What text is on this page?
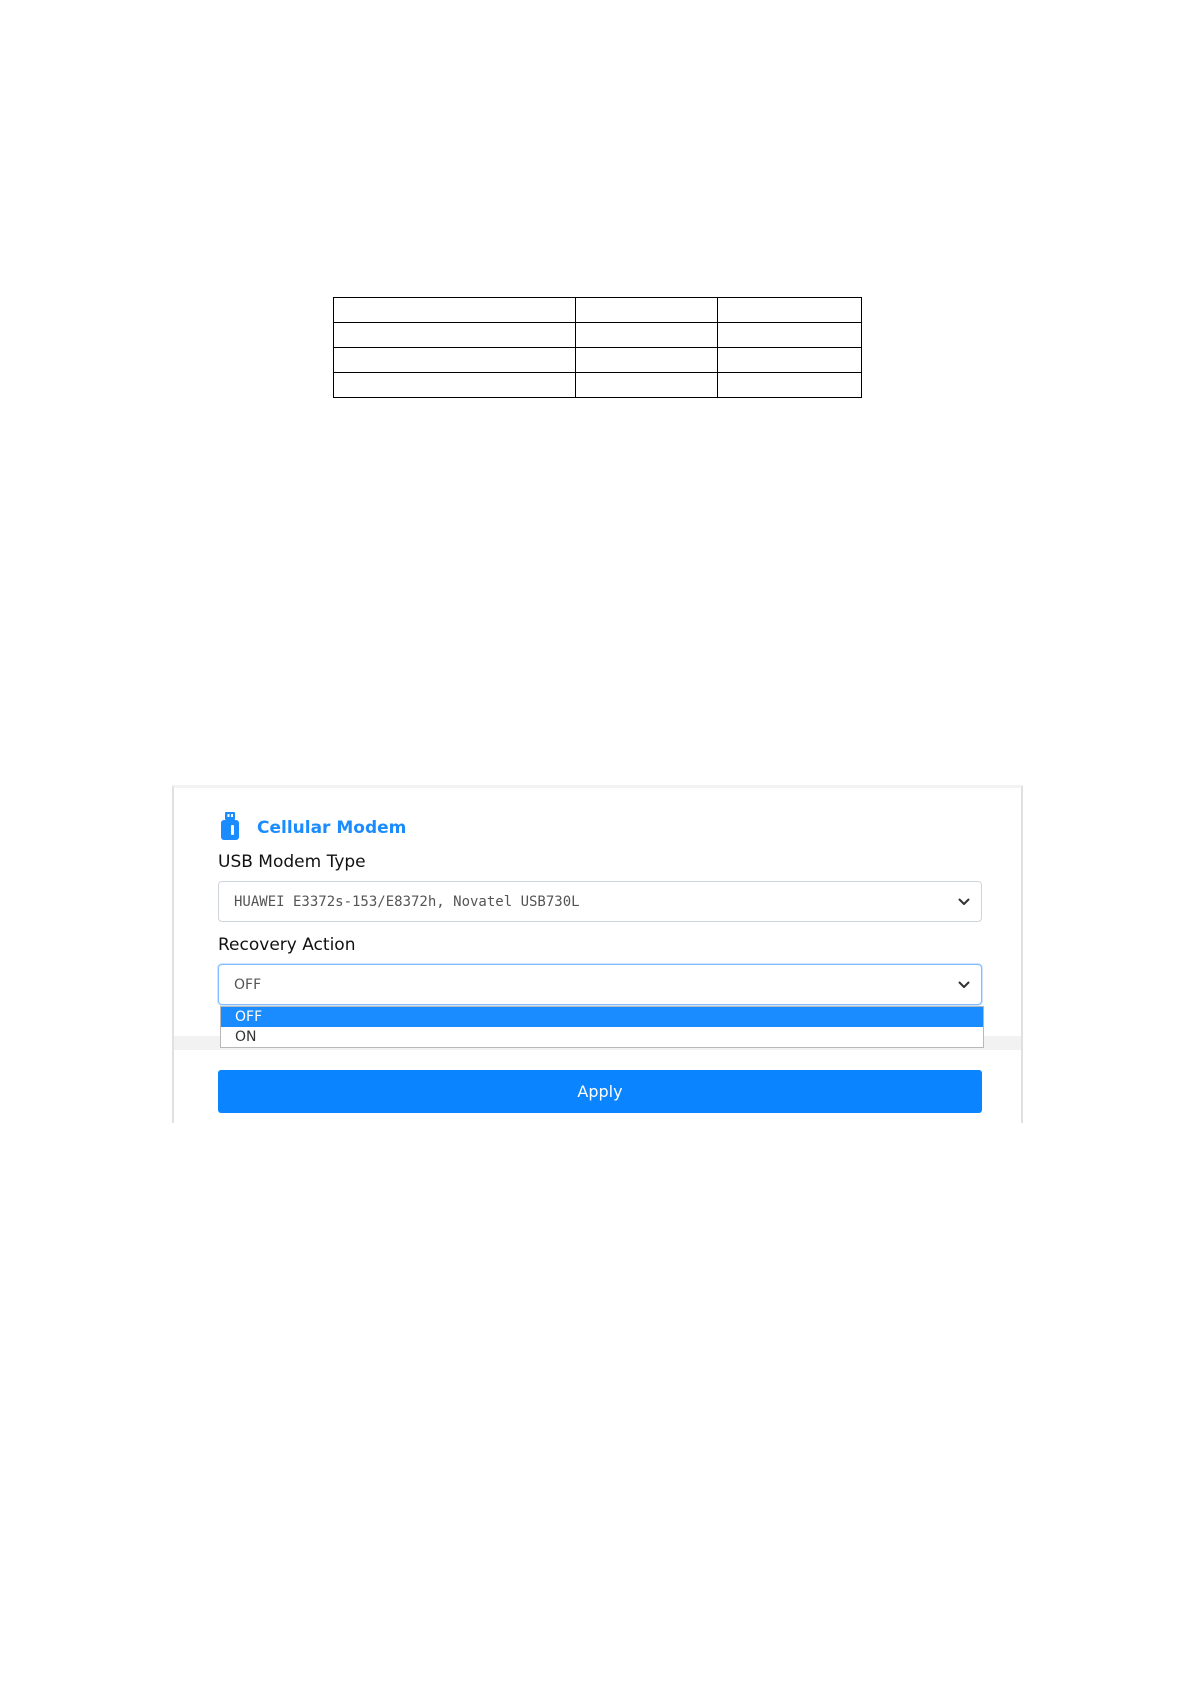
Cellular Modem
USB Modem Type
HUAWEI E3372s-153/E8372h, Novatel USB730L
Recovery Action
OFF
OFF
ON
Apply
